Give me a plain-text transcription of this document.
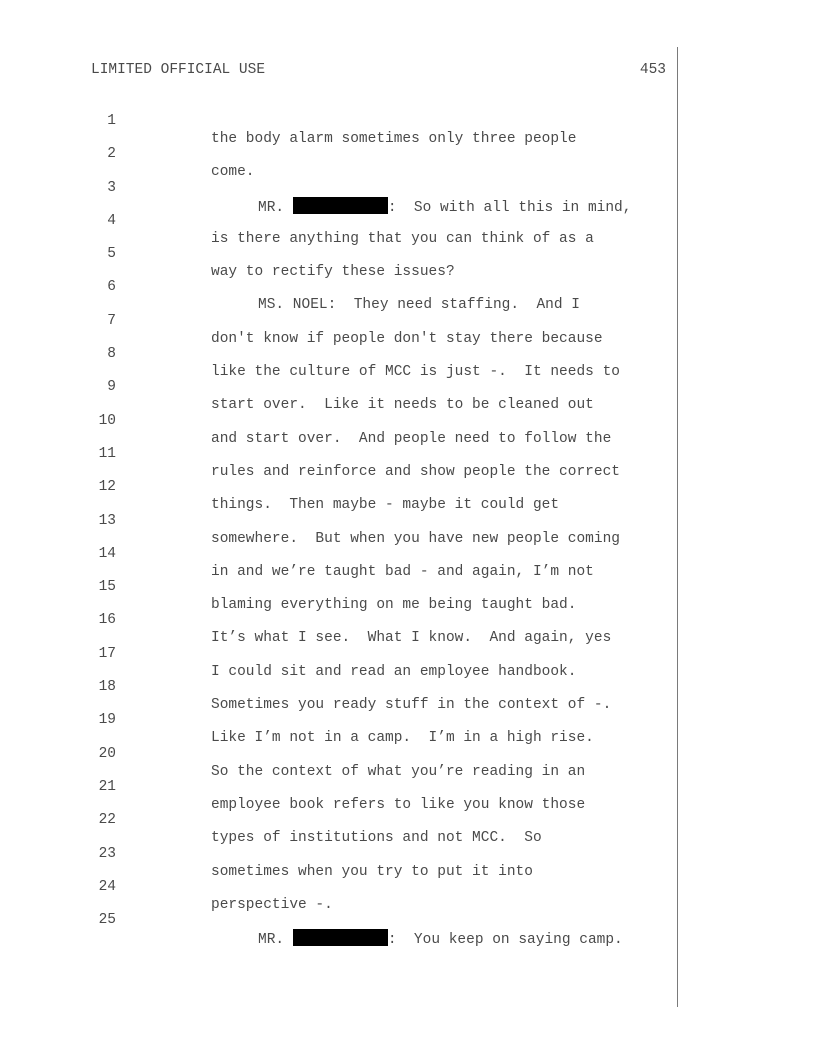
LIMITED OFFICIAL USE	453

1

the body alarm sometimes only three people

2

come.

3

MR.	:  So with all this in mind,

4

is there anything that you can think of as a

5

way to rectify these issues?

6

MS. NOEL:  They need staffing.  And I

7

don't know if people don't stay there because

8

like the culture of MCC is just -.  It needs to

9

start over.  Like it needs to be cleaned out

10

and start over.  And people need to follow the

11

rules and reinforce and show people the correct

12

things.  Then maybe - maybe it could get

13

somewhere.  But when you have new people coming

14

in and we’re taught bad - and again, I’m not

15

blaming everything on me being taught bad.

16

It’s what I see.  What I know.  And again, yes

17

I could sit and read an employee handbook.

18

Sometimes you ready stuff in the context of -.

19

Like I’m not in a camp.  I’m in a high rise.

20

So the context of what you’re reading in an

21

employee book refers to like you know those

22

types of institutions and not MCC.  So

23

sometimes when you try to put it into

24

perspective -.

25

MR.	:  You keep on saying camp.
